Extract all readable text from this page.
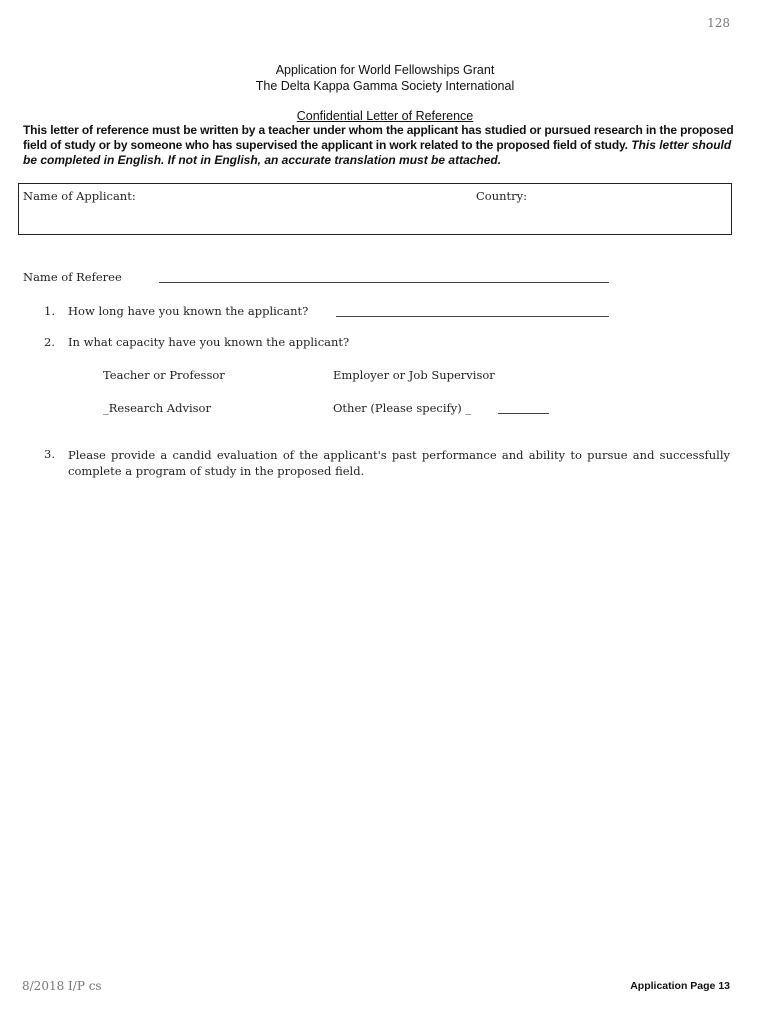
128
Application for World Fellowships Grant
The Delta Kappa Gamma Society International
Confidential Letter of Reference
This letter of reference must be written by a teacher under whom the applicant has studied or pursued research in the proposed field of study or by someone who has supervised the applicant in work related to the proposed field of study. This letter should be completed in English. If not in English, an accurate translation must be attached.
Name of Applicant:	Country:
Name of Referee
1. How long have you known the applicant?
2. In what capacity have you known the applicant?
Teacher or Professor	Employer or Job Supervisor
_Research Advisor	Other (Please specify) _
3. Please provide a candid evaluation of the applicant's past performance and ability to pursue and successfully complete a program of study in the proposed field.
8/2018 I/P cs	Application Page 13
